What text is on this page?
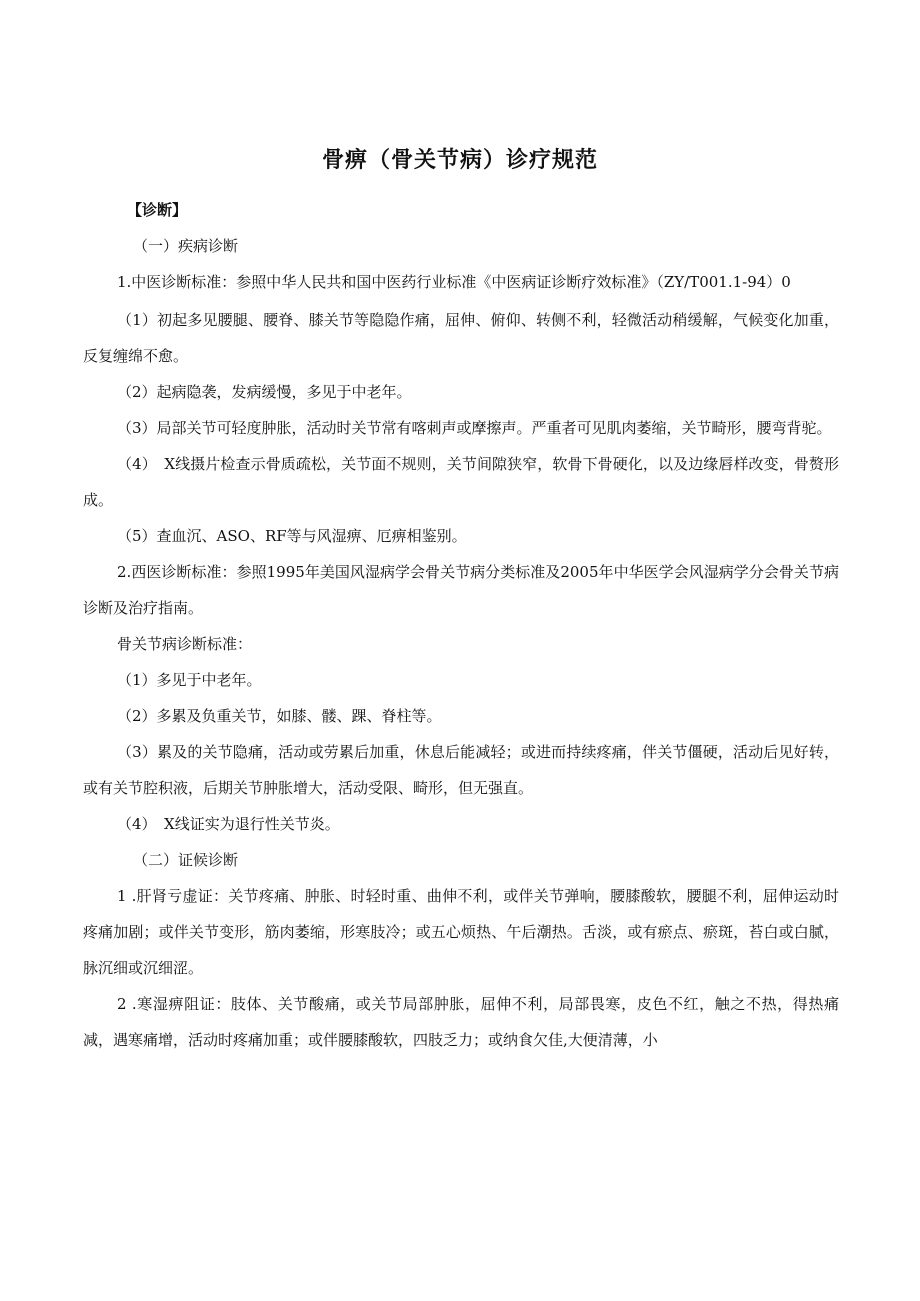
骨痹（骨关节病）诊疗规范

【诊断】

（一）疾病诊断

1.中医诊断标准：参照中华人民共和国中医药行业标准《中医病证诊断疗效标准》（ZY/T001.1-94）0

（1）初起多见腰腿、腰脊、膝关节等隐隐作痛，屈伸、俯仰、转侧不利，轻微活动稍缓解，气候变化加重，反复缠绵不愈。

（2）起病隐袭，发病缓慢，多见于中老年。

（3）局部关节可轻度肿胀，活动时关节常有喀刺声或摩擦声。严重者可见肌肉萎缩，关节畸形，腰弯背驼。

（4）　X线摄片检查示骨质疏松，关节面不规则，关节间隙狭窄，软骨下骨硬化，以及边缘唇样改变，骨赘形成。

（5）查血沉、ASO、RF等与风湿痹、厄痹相鉴别。

2.西医诊断标准：参照1995年美国风湿病学会骨关节病分类标准及2005年中华医学会风湿病学分会骨关节病诊断及治疗指南。

骨关节病诊断标准：

（1）多见于中老年。

（2）多累及负重关节，如膝、髅、踝、脊柱等。

（3）累及的关节隐痛，活动或劳累后加重，休息后能减轻；或进而持续疼痛，伴关节僵硬，活动后见好转，或有关节腔积液，后期关节肿胀增大，活动受限、畸形，但无强直。

（4）　X线证实为退行性关节炎。

（二）证候诊断

1 .肝肾亏虚证：关节疼痛、肿胀、时轻时重、曲伸不利，或伴关节弹响，腰膝酸软，腰腿不利，屈伸运动时疼痛加剧；或伴关节变形，筋肉萎缩，形寒肢冷；或五心烦热、午后潮热。舌淡，或有瘀点、瘀斑，苔白或白腻，脉沉细或沉细涩。

2 .寒湿痹阻证：肢体、关节酸痛，或关节局部肿胀，屈伸不利，局部畏寒，皮色不红，触之不热，得热痛减，遇寒痛增，活动时疼痛加重；或伴腰膝酸软，四肢乏力；或纳食欠佳,大便清薄，小
